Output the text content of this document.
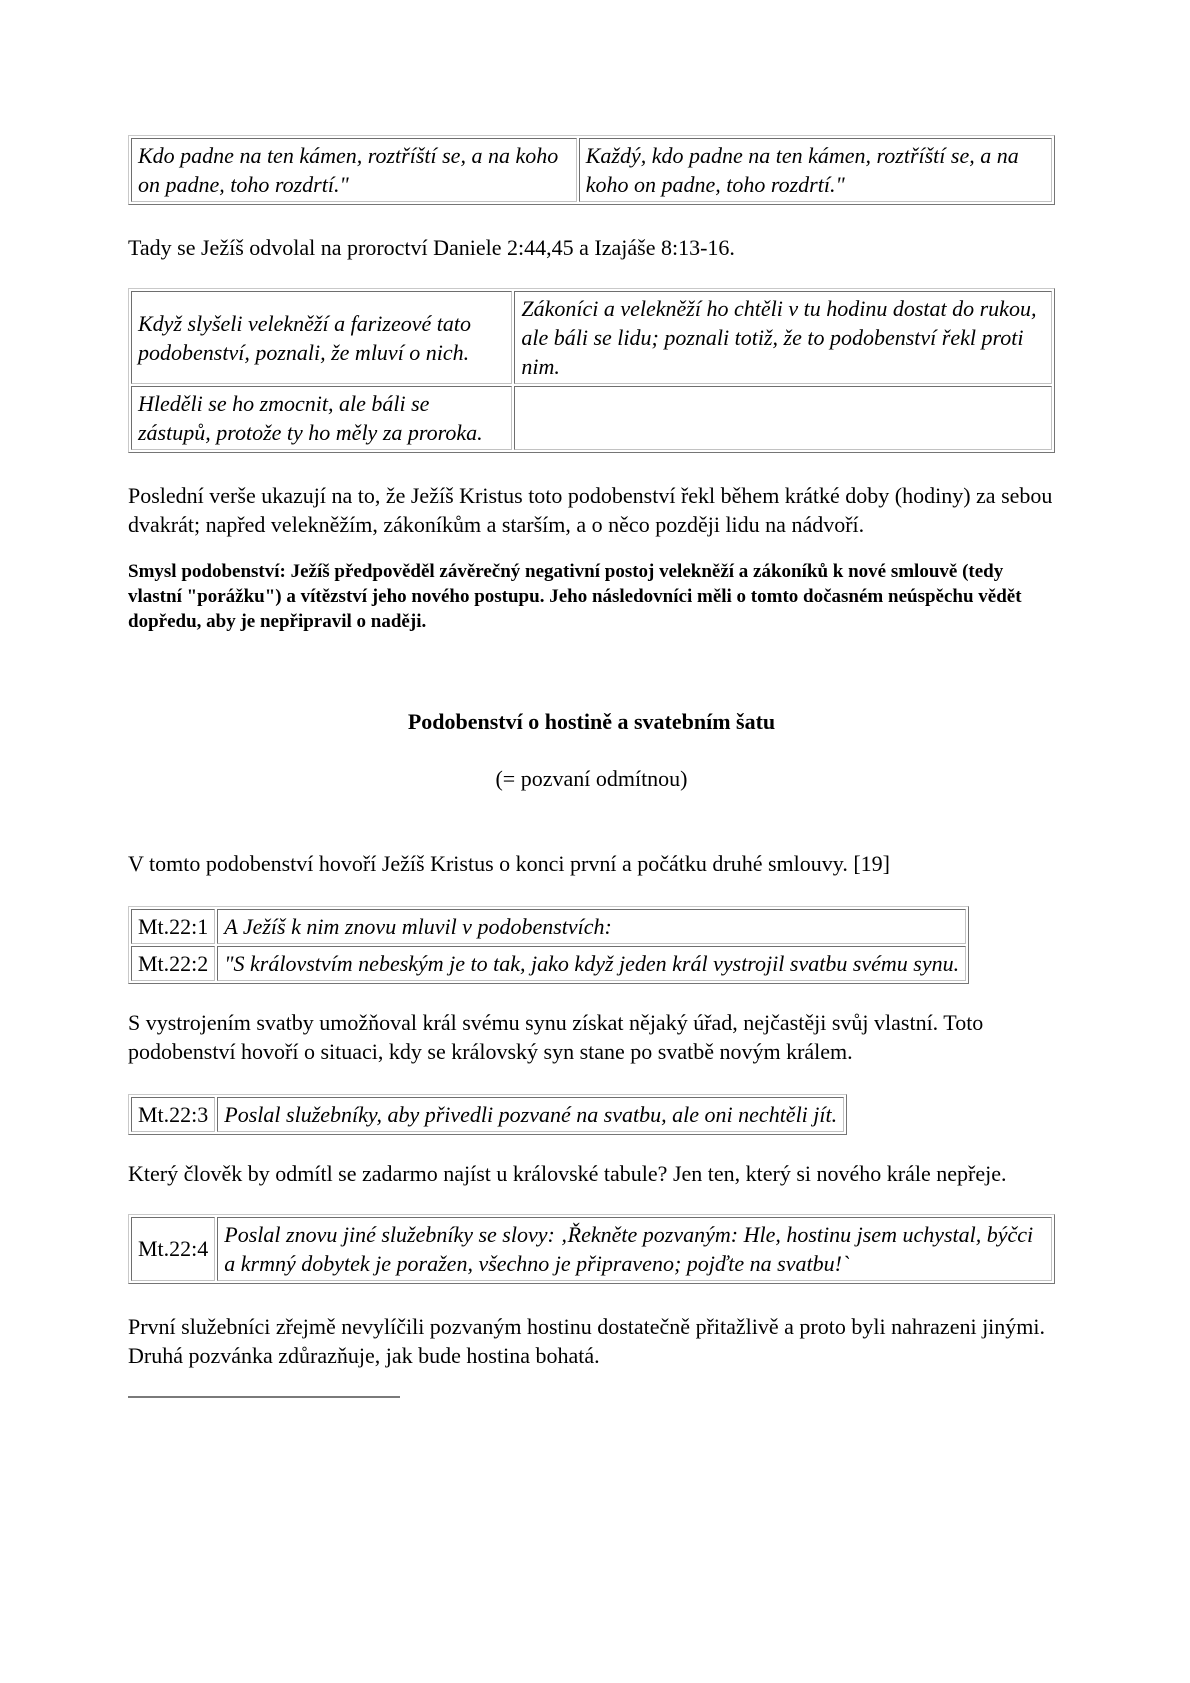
Kdo padne na ten kámen, roztříští se, a na koho on padne, toho rozdrtí."	Každý, kdo padne na ten kámen, roztříští se, a na koho on padne, toho rozdrtí."

Tady se Ježíš odvolal na proroctví Daniele 2:44,45 a Izajáše 8:13-16.

Když slyšeli velekněží a farizeové tato podobenství, poznali, že mluví o nich.	Zákoníci a velekněží ho chtěli v tu hodinu dostat do rukou, ale báli se lidu; poznali totiž, že to podobenství řekl proti nim.
Hleděli se ho zmocnit, ale báli se zástupů, protože ty ho měly za proroka.	

Poslední verše ukazují na to, že Ježíš Kristus toto podobenství řekl během krátké doby (hodiny) za sebou dvakrát; napřed velekněžím, zákoníkům a starším, a o něco později lidu na nádvoří.

Smysl podobenství: Ježíš předpověděl závěrečný negativní postoj velekněží a zákoníků k nové smlouvě (tedy vlastní "porážku") a vítězství jeho nového postupu. Jeho následovníci měli o tomto dočasném neúspěchu vědět dopředu, aby je nepřipravil o naději.

Podobenství o hostině a svatebním šatu

(= pozvaní odmítnou)

V tomto podobenství hovoří Ježíš Kristus o konci první a počátku druhé smlouvy. [19]

Mt.22:1	A Ježíš k nim znovu mluvil v podobenstvích:
Mt.22:2	"S královstvím nebeským je to tak, jako když jeden král vystrojil svatbu svému synu.

S vystrojením svatby umožňoval král svému synu získat nějaký úřad, nejčastěji svůj vlastní. Toto podobenství hovoří o situaci, kdy se královský syn stane po svatbě novým králem.

Mt.22:3	Poslal služebníky, aby přivedli pozvané na svatbu, ale oni nechtěli jít.

Který člověk by odmítl se zadarmo najíst u královské tabule? Jen ten, který si nového krále nepřeje.

Mt.22:4	Poslal znovu jiné služebníky se slovy: ‚Řekněte pozvaným: Hle, hostinu jsem uchystal, býčci a krmný dobytek je poražen, všechno je připraveno; pojďte na svatbu!`

První služebníci zřejmě nevylíčili pozvaným hostinu dostatečně přitažlivě a proto byli nahrazeni jinými. Druhá pozvánka zdůrazňuje, jak bude hostina bohatá.
